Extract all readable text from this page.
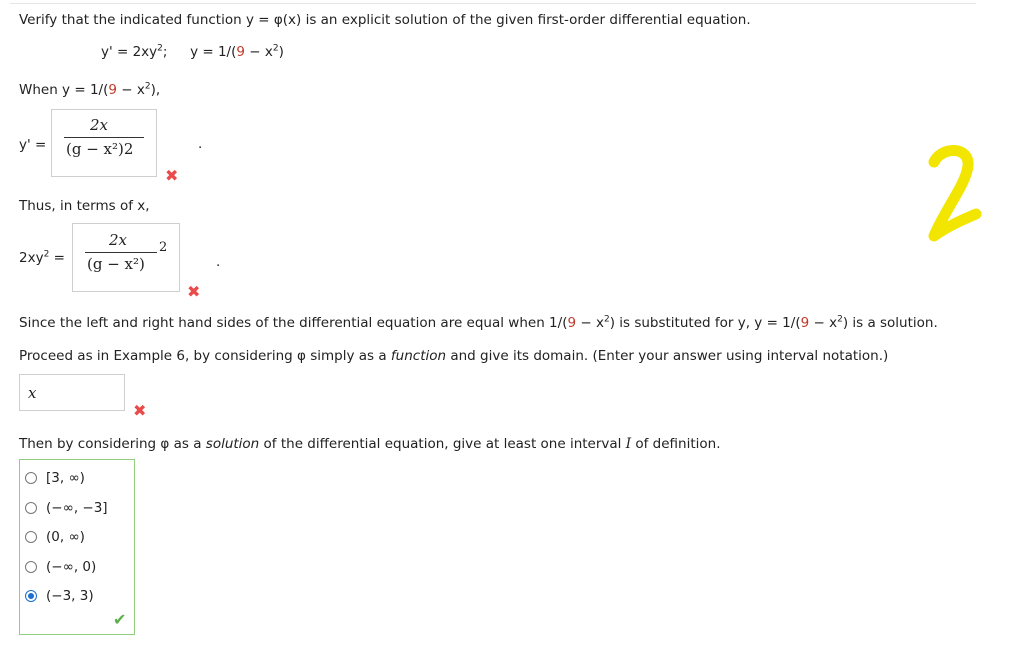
Verify that the indicated function y = φ(x) is an explicit solution of the given first-order differential equation.
$y' = 2xy^2$; $y = 1/(9 - x^2)$
When $y = 1/(9 - x^2)$,
y' =
2x
(g − x²)2	.
✖
Thus, in terms of x,
$2xy^2$ =
2x
(g − x²)
2
.
✖
Since the left and right hand sides of the differential equation are equal when $1/(9 - x^2)$ is substituted for y, $y = 1/(9 - x^2)$ is a solution.
Proceed as in Example 6, by considering φ simply as a function and give its domain. (Enter your answer using interval notation.)
x
✖
Then by considering φ as a solution of the differential equation, give at least one interval I of definition.
[3, ∞)
(−∞, −3]
(0, ∞)
(−∞, 0)
(−3, 3)
✔
